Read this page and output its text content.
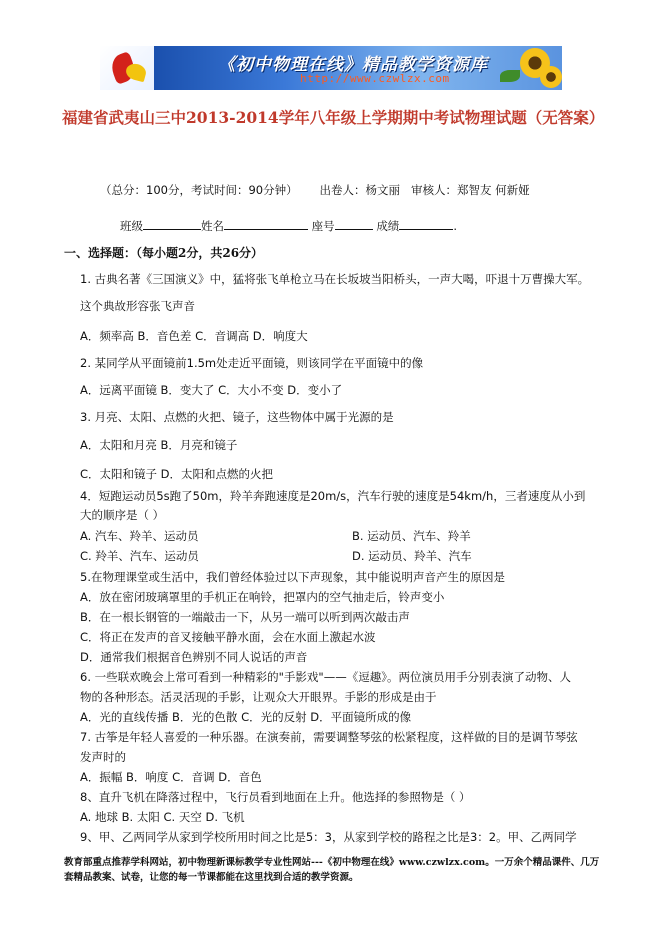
《初中物理在线》精品教学资源库
http://www.czwlzx.com
福建省武夷山三中2013-2014学年八年级上学期期中考试物理试题（无答案）
（总分：100分，考试时间：90分钟）      出卷人：杨文丽   审核人：郑智友 何新娅
班级	姓名	座号	成绩	.
一、选择题：（每小题2分，共26分）
1. 古典名著《三国演义》中，猛将张飞单枪立马在长坂坡当阳桥头，一声大喝，吓退十万曹操大军。
这个典故形容张飞声音
A．频率高 B．音色差 C．音调高 D．响度大
2. 某同学从平面镜前1.5m处走近平面镜，则该同学在平面镜中的像
A．远离平面镜 B．变大了 C．大小不变 D．变小了
3. 月亮、太阳、点燃的火把、镜子，这些物体中属于光源的是
A．太阳和月亮 B．月亮和镜子
C．太阳和镜子 D．太阳和点燃的火把
4．短跑运动员5s跑了50m，羚羊奔跑速度是20m/s，汽车行驶的速度是54km/h，三者速度从小到
大的顺序是（ ）
A. 汽车、羚羊、运动员	B. 运动员、汽车、羚羊
C. 羚羊、汽车、运动员	D. 运动员、羚羊、汽车
5.在物理课堂或生活中，我们曾经体验过以下声现象，其中能说明声音产生的原因是
A．放在密闭玻璃罩里的手机正在响铃，把罩内的空气抽走后，铃声变小
B．在一根长钢管的一端敲击一下，从另一端可以听到两次敲击声
C．将正在发声的音叉接触平静水面，会在水面上激起水波
D．通常我们根据音色辨别不同人说话的声音
6. 一些联欢晚会上常可看到一种精彩的"手影戏"——《逗趣》。两位演员用手分别表演了动物、人
物的各种形态。活灵活现的手影，让观众大开眼界。手影的形成是由于
A．光的直线传播 B．光的色散 C．光的反射 D．平面镜所成的像
7. 古筝是年轻人喜爱的一种乐器。在演奏前，需要调整琴弦的松紧程度，这样做的目的是调节琴弦
发声时的
A．振幅 B．响度 C．音调 D．音色
8、直升飞机在降落过程中，飞行员看到地面在上升。他选择的参照物是（ ）
A. 地球 B. 太阳 C. 天空 D. 飞机
9、甲、乙两同学从家到学校所用时间之比是5：3，从家到学校的路程之比是3：2。甲、乙两同学
教育部重点推荐学科网站，初中物理新课标教学专业性网站---《初中物理在线》www.czwlzx.com。一万余个精品课件、几万套精品教案、试卷，让您的每一节课都能在这里找到合适的教学资源。
